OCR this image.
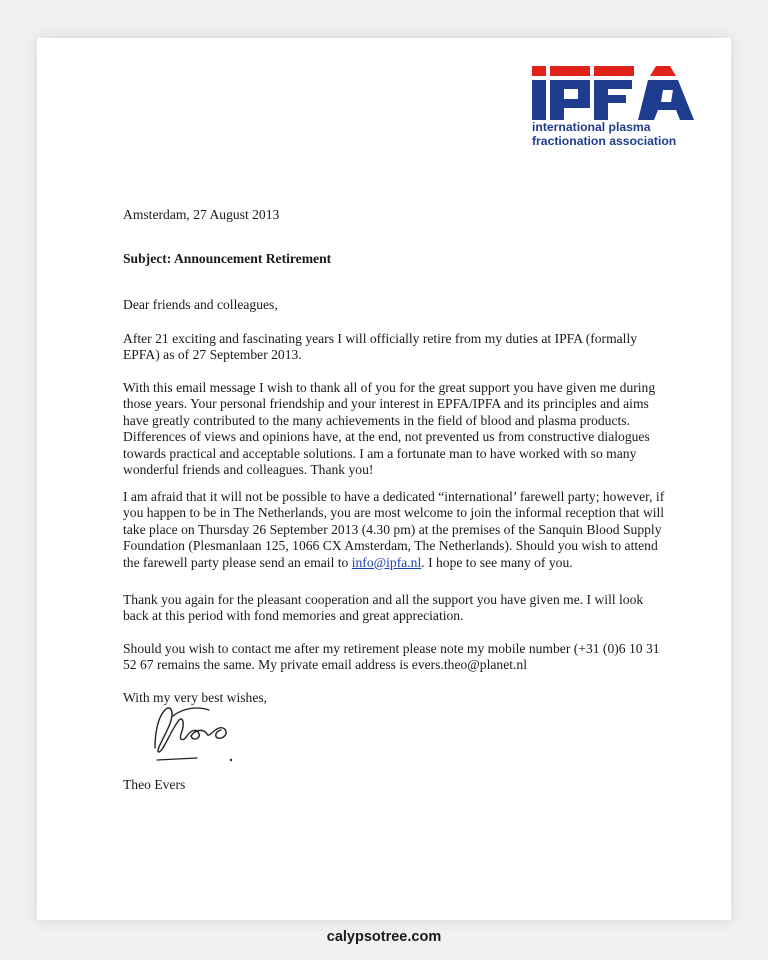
international plasma
fractionation association
Amsterdam, 27 August 2013
Subject: Announcement Retirement
Dear friends and colleagues,
After 21 exciting and fascinating years I will officially retire from my duties at IPFA (formally EPFA) as of 27 September 2013.
With this email message I wish to thank all of you for the great support you have given me during those years. Your personal friendship and your interest in EPFA/IPFA and its principles and aims have greatly contributed to the many achievements in the field of blood and plasma products. Differences of views and opinions have, at the end, not prevented us from constructive dialogues towards practical and acceptable solutions. I am a fortunate man to have worked with so many wonderful friends and colleagues. Thank you!
I am afraid that it will not be possible to have a dedicated “international’ farewell party; however, if you happen to be in The Netherlands, you are most welcome to join the informal reception that will take place on Thursday 26 September 2013 (4.30 pm) at the premises of the Sanquin Blood Supply Foundation (Plesmanlaan 125, 1066 CX Amsterdam, The Netherlands). Should you wish to attend the farewell party please send an email to info@ipfa.nl. I hope to see many of you.
Thank you again for the pleasant cooperation and all the support you have given me. I will look back at this period with fond memories and great appreciation.
Should you wish to contact me after my retirement please note my mobile number (+31 (0)6 10 31 52 67 remains the same. My private email address is evers.theo@planet.nl
With my very best wishes,
Theo Evers
calypsotree.com
